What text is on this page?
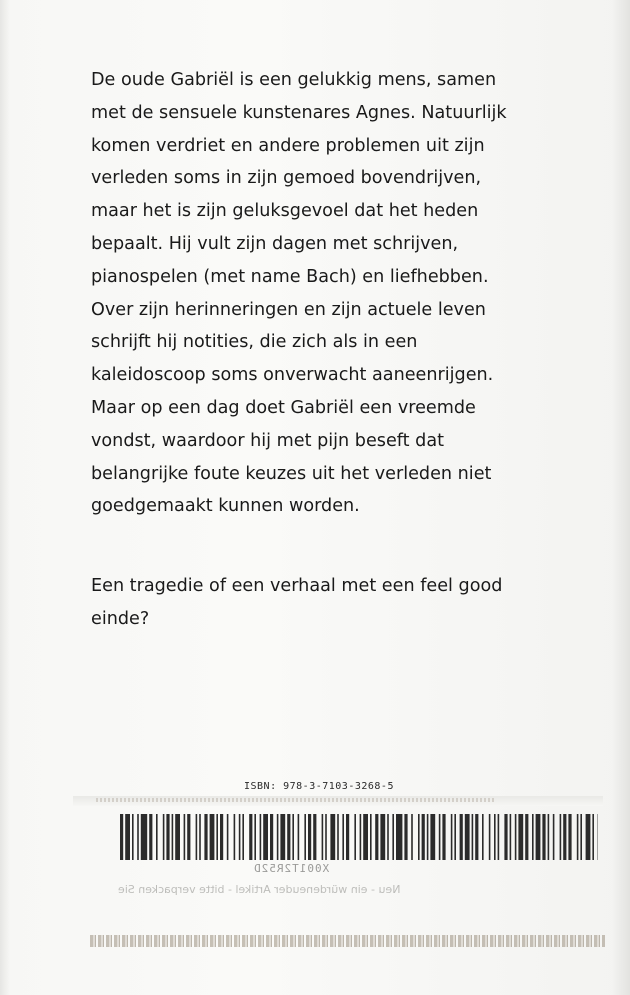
De oude Gabriël is een gelukkig mens, samen
met de sensuele kunstenares Agnes. Natuurlijk
komen verdriet en andere problemen uit zijn
verleden soms in zijn gemoed bovendrijven,
maar het is zijn geluksgevoel dat het heden
bepaalt. Hij vult zijn dagen met schrijven,
pianospelen (met name Bach) en liefhebben.
Over zijn herinneringen en zijn actuele leven
schrijft hij notities, die zich als in een
kaleidoscoop soms onverwacht aaneenrijgen.
Maar op een dag doet Gabriël een vreemde
vondst, waardoor hij met pijn beseft dat
belangrijke foute keuzes uit het verleden niet
goedgemaakt kunnen worden.
Een tragedie of een verhaal met een feel good
einde?
ISBN: 978-3-7103-3268-5
X001T2R52D
Neu - ein würdeneuder Artikel - bitte verpacken Sie
